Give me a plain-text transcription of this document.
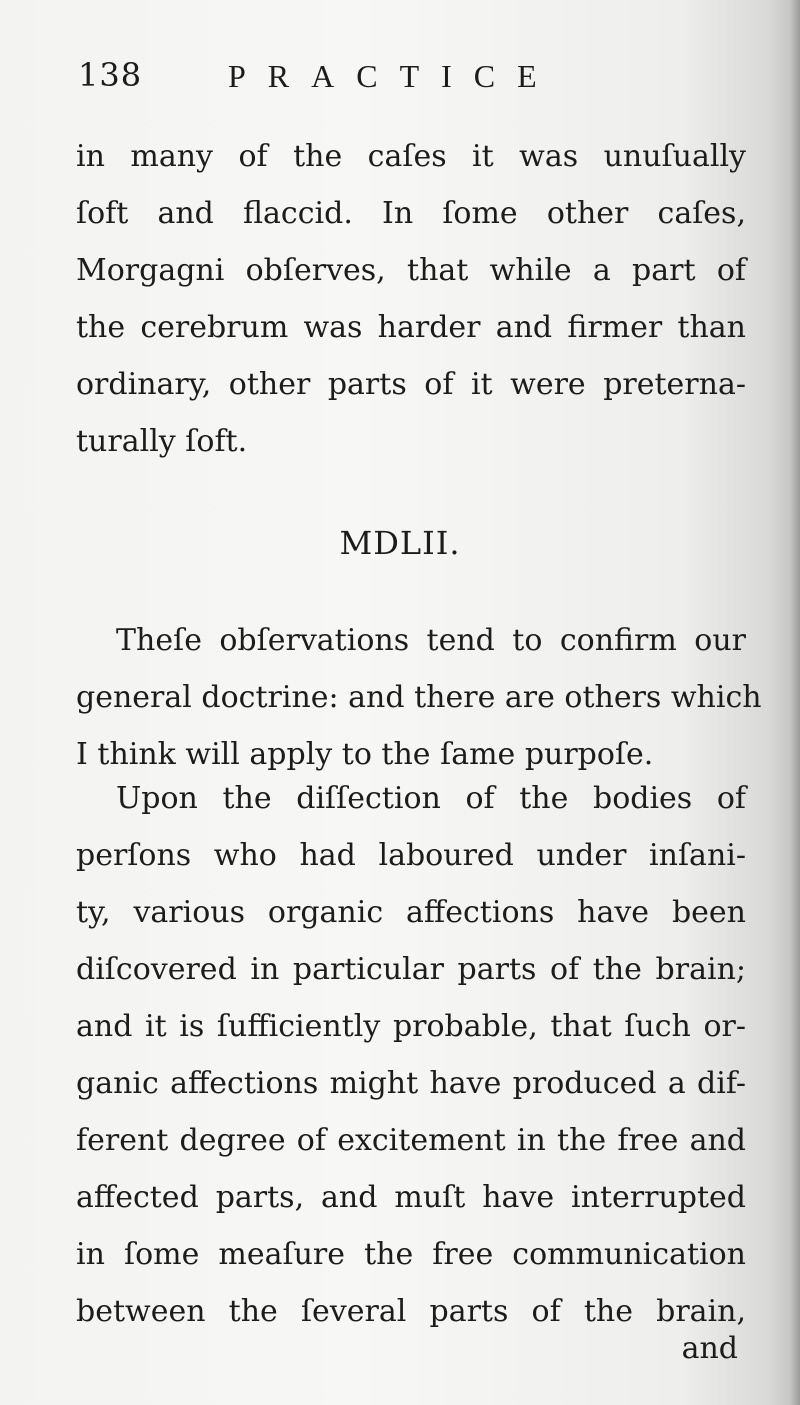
138	PRACTICE
in many of the caſes it was unuſually
ſoft and flaccid. In ſome other caſes,
Morgagni obſerves, that while a part of
the cerebrum was harder and firmer than
ordinary, other parts of it were preterna-
turally ſoft.
MDLII.
Theſe obſervations tend to confirm our
general doctrine: and there are others which
I think will apply to the ſame purpoſe.
Upon the diſſection of the bodies of
perſons who had laboured under inſani-
ty, various organic affections have been
diſcovered in particular parts of the brain;
and it is ſufficiently probable, that ſuch or-
ganic affections might have produced a dif-
ferent degree of excitement in the free and
affected parts, and muſt have interrupted
in ſome meaſure the free communication
between the ſeveral parts of the brain,
and
